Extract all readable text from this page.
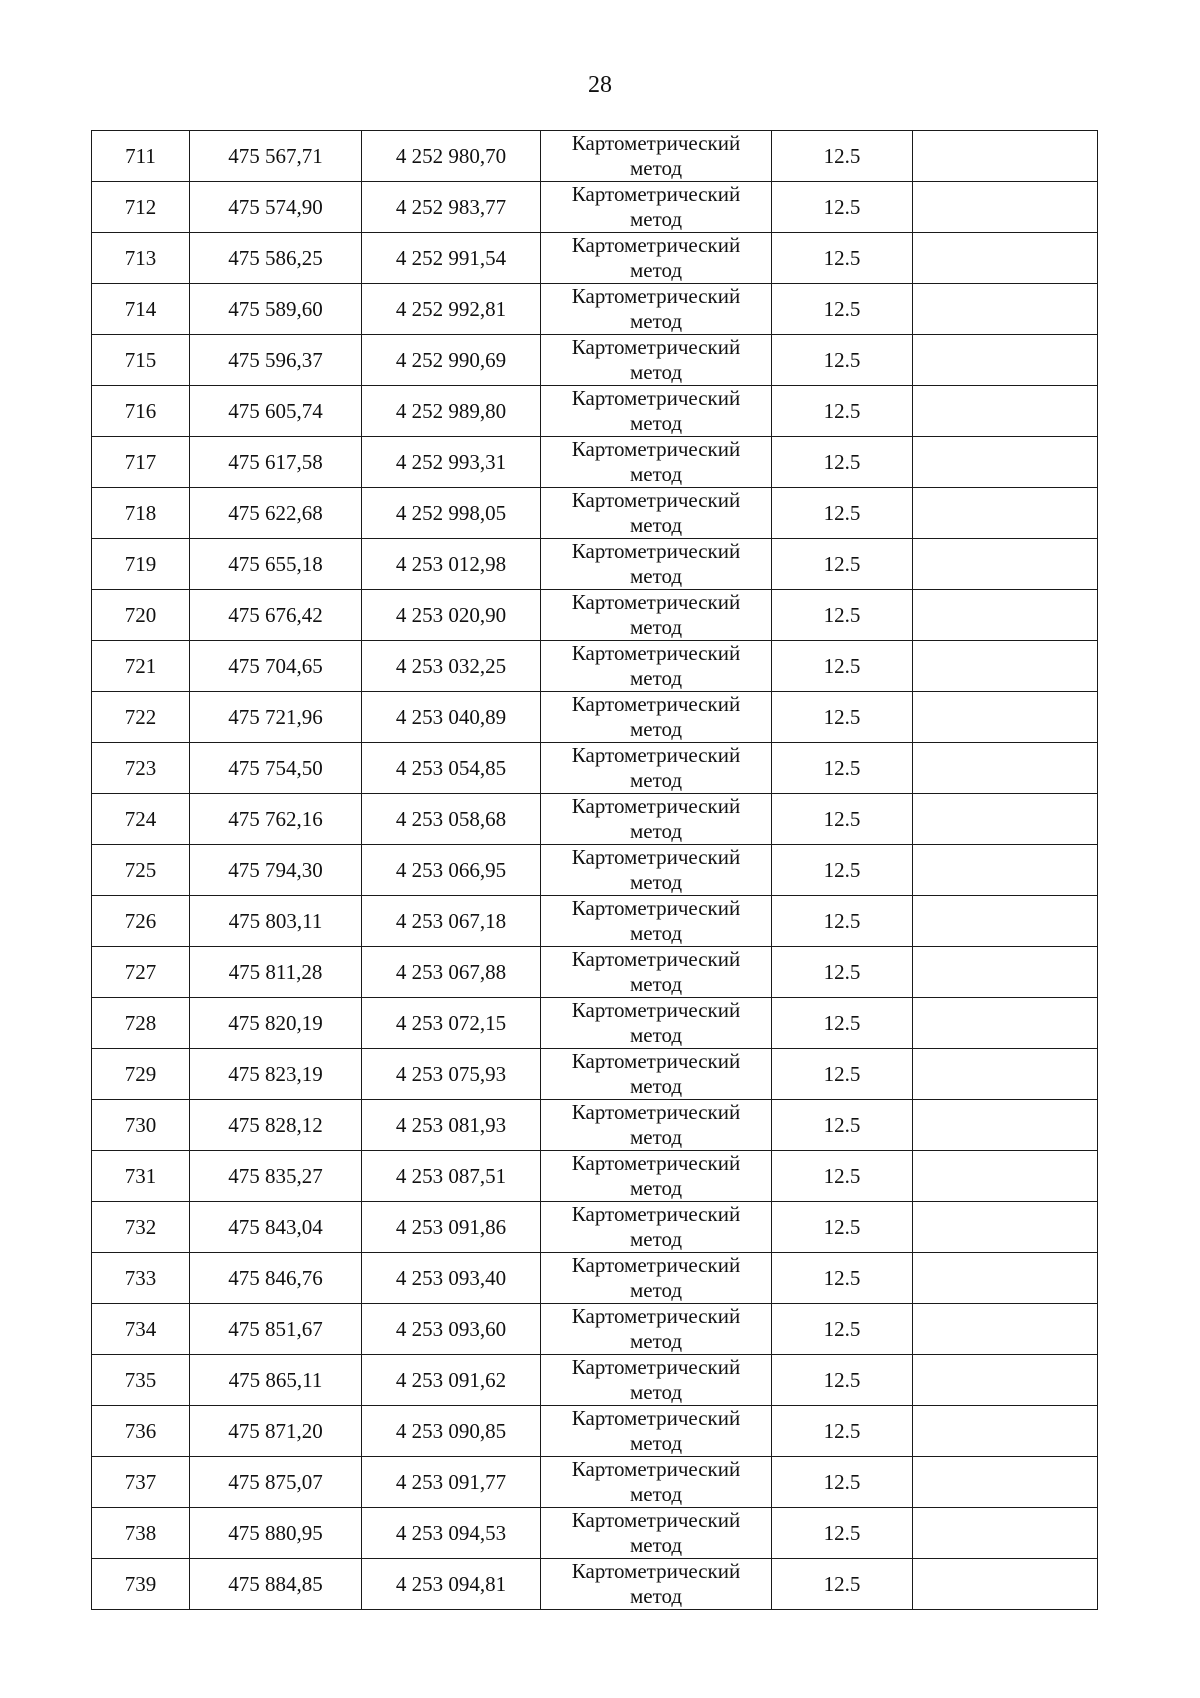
28
711	475 567,71	4 252 980,70	Картометрический
метод	12.5	
712	475 574,90	4 252 983,77	Картометрический
метод	12.5	
713	475 586,25	4 252 991,54	Картометрический
метод	12.5	
714	475 589,60	4 252 992,81	Картометрический
метод	12.5	
715	475 596,37	4 252 990,69	Картометрический
метод	12.5	
716	475 605,74	4 252 989,80	Картометрический
метод	12.5	
717	475 617,58	4 252 993,31	Картометрический
метод	12.5	
718	475 622,68	4 252 998,05	Картометрический
метод	12.5	
719	475 655,18	4 253 012,98	Картометрический
метод	12.5	
720	475 676,42	4 253 020,90	Картометрический
метод	12.5	
721	475 704,65	4 253 032,25	Картометрический
метод	12.5	
722	475 721,96	4 253 040,89	Картометрический
метод	12.5	
723	475 754,50	4 253 054,85	Картометрический
метод	12.5	
724	475 762,16	4 253 058,68	Картометрический
метод	12.5	
725	475 794,30	4 253 066,95	Картометрический
метод	12.5	
726	475 803,11	4 253 067,18	Картометрический
метод	12.5	
727	475 811,28	4 253 067,88	Картометрический
метод	12.5	
728	475 820,19	4 253 072,15	Картометрический
метод	12.5	
729	475 823,19	4 253 075,93	Картометрический
метод	12.5	
730	475 828,12	4 253 081,93	Картометрический
метод	12.5	
731	475 835,27	4 253 087,51	Картометрический
метод	12.5	
732	475 843,04	4 253 091,86	Картометрический
метод	12.5	
733	475 846,76	4 253 093,40	Картометрический
метод	12.5	
734	475 851,67	4 253 093,60	Картометрический
метод	12.5	
735	475 865,11	4 253 091,62	Картометрический
метод	12.5	
736	475 871,20	4 253 090,85	Картометрический
метод	12.5	
737	475 875,07	4 253 091,77	Картометрический
метод	12.5	
738	475 880,95	4 253 094,53	Картометрический
метод	12.5	
739	475 884,85	4 253 094,81	Картометрический
метод	12.5	
